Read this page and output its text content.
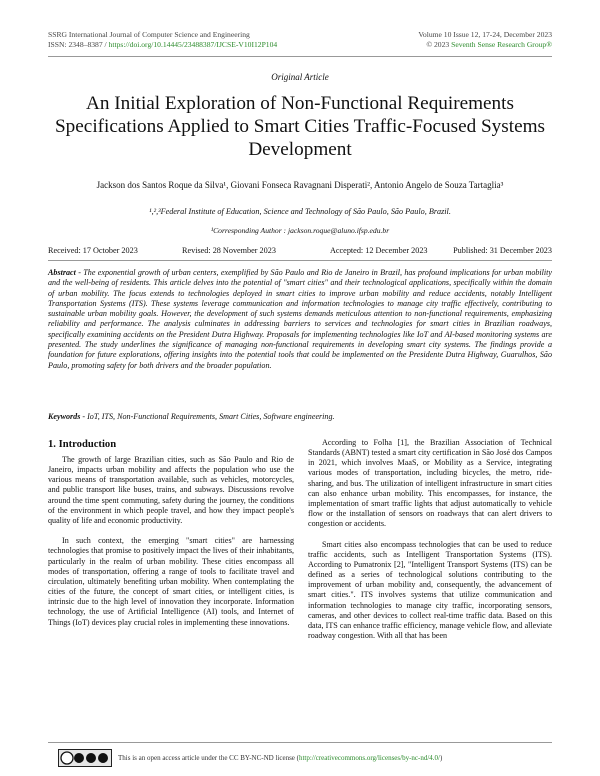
SSRG International Journal of Computer Science and Engineering
ISSN: 2348–8387 / https://doi.org/10.14445/23488387/IJCSE-V10I12P104
Volume 10 Issue 12, 17-24, December 2023
© 2023 Seventh Sense Research Group®
Original Article
An Initial Exploration of Non-Functional Requirements Specifications Applied to Smart Cities Traffic-Focused Systems Development
Jackson dos Santos Roque da Silva¹, Giovani Fonseca Ravagnani Disperati², Antonio Angelo de Souza Tartaglia³
¹,²,³Federal Institute of Education, Science and Technology of São Paulo, São Paulo, Brazil.
¹Corresponding Author : jackson.roque@aluno.ifsp.edu.br
Received: 17 October 2023	Revised: 28 November 2023	Accepted: 12 December 2023	Published: 31 December 2023
Abstract - The exponential growth of urban centers, exemplified by São Paulo and Rio de Janeiro in Brazil, has profound implications for urban mobility and the well-being of residents. This article delves into the potential of "smart cities" and their technological applications, specifically within the domain of urban mobility. The focus extends to technologies deployed in smart cities to improve urban mobility and reduce accidents, notably Intelligent Transportation Systems (ITS). These systems leverage communication and information technologies to manage city traffic effectively, contributing to sustainable urban mobility goals. However, the development of such systems demands meticulous attention to non-functional requirements, emphasizing reliability and performance. The analysis culminates in addressing barriers to services and technologies for smart cities in Brazilian roadways, specifically examining accidents on the President Dutra Highway. Proposals for implementing technologies like IoT and AI-based monitoring systems are presented. The study underlines the significance of managing non-functional requirements in developing smart city systems. The findings provide a foundation for future explorations, offering insights into the potential tools that could be implemented on the Presidente Dutra Highway, Guarulhos, São Paulo, promoting safety for both drivers and the broader population.
Keywords - IoT, ITS, Non-Functional Requirements, Smart Cities, Software engineering.
1. Introduction

The growth of large Brazilian cities, such as São Paulo and Rio de Janeiro, impacts urban mobility and affects the population who use the various means of transportation available, such as vehicles, motorcycles, and public transport like buses, trains, and subways. Discussions revolve around the time spent commuting, safety during the journey, the conditions of the environment in which people travel, and how they impact people's quality of life and economic productivity.

In such context, the emerging "smart cities" are harnessing technologies that promise to positively impact the lives of their inhabitants, particularly in the realm of urban mobility. These cities encompass all modes of transportation, offering a range of tools to facilitate travel and circulation, ultimately benefiting urban mobility. When contemplating the cities of the future, the concept of smart cities, or intelligent cities, is intrinsic due to the high level of innovation they incorporate. Information technology, the use of Artificial Intelligence (AI) tools, and Internet of Things (IoT) devices play crucial roles in implementing these innovations.

According to Folha [1], the Brazilian Association of Technical Standards (ABNT) tested a smart city certification in São José dos Campos in 2021, which involves MaaS, or Mobility as a Service, integrating various modes of transportation, including bicycles, the metro, ride-sharing, and bus. The utilization of intelligent infrastructure in smart cities can also enhance urban mobility. This encompasses, for instance, the implementation of smart traffic lights that adjust automatically to vehicle flow or the installation of sensors on roadways that can alert drivers to congestion or accidents.

Smart cities also encompass technologies that can be used to reduce traffic accidents, such as Intelligent Transportation Systems (ITS). According to Pumatronix [2], "Intelligent Transport Systems (ITS) can be defined as a series of technological solutions contributing to the improvement of urban mobility and, consequently, the advancement of smart cities.". ITS involves systems that utilize communication and information technologies to manage city traffic, incorporating sensors, cameras, and other devices to collect real-time traffic data. Based on this data, ITS can enhance traffic efficiency, manage vehicle flow, and alleviate roadway congestion. With all that has been

This is an open access article under the CC BY-NC-ND license (http://creativecommons.org/licenses/by-nc-nd/4.0/)
